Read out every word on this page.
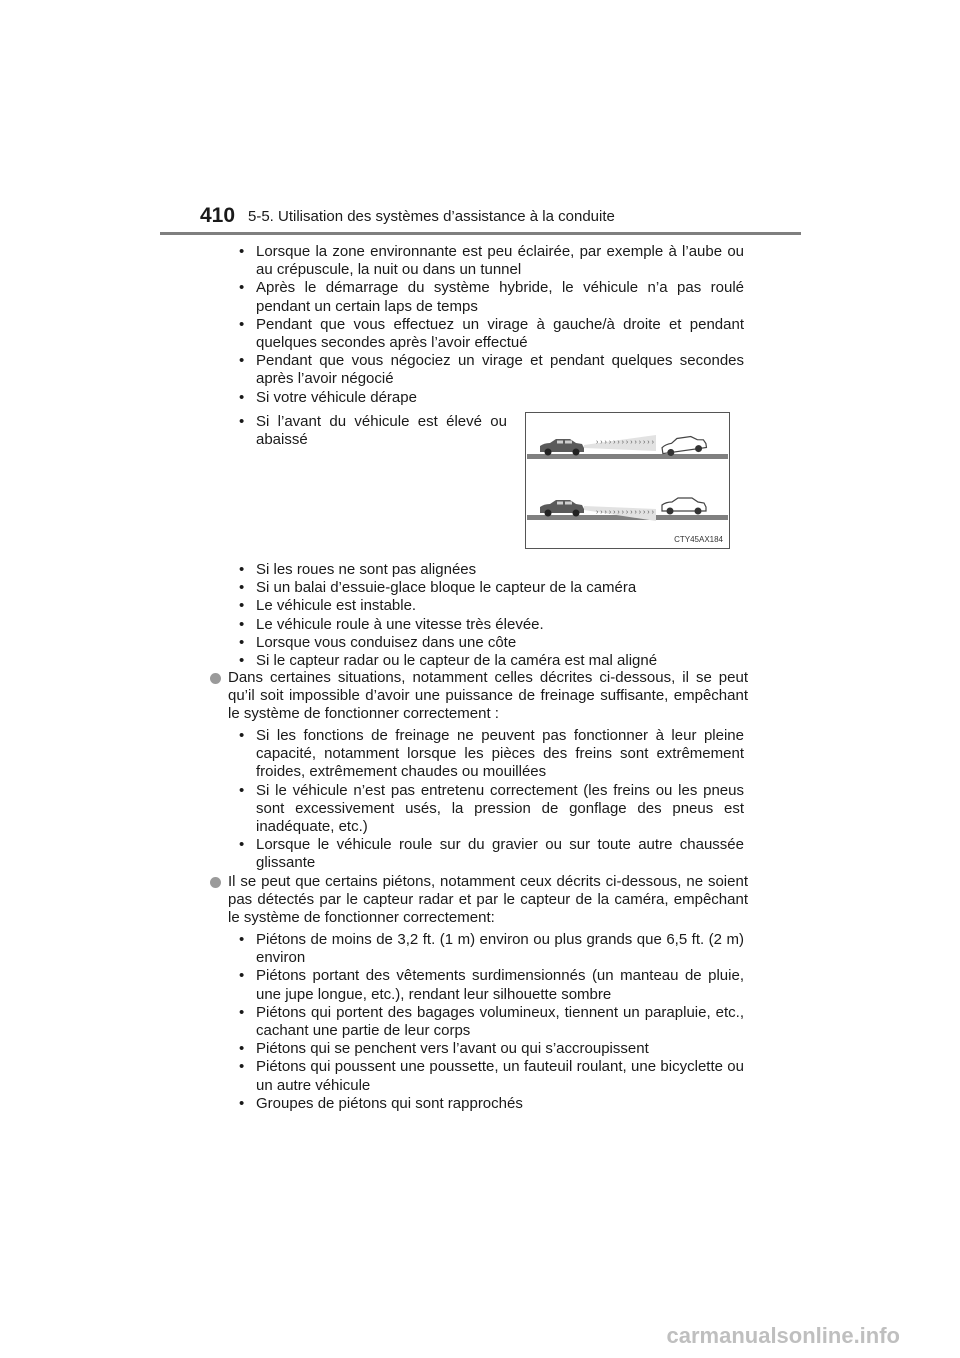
410 5-5. Utilisation des systèmes d’assistance à la conduite
• Lorsque la zone environnante est peu éclairée, par exemple à l’aube ou au crépuscule, la nuit ou dans un tunnel
• Après le démarrage du système hybride, le véhicule n’a pas roulé pendant un certain laps de temps
• Pendant que vous effectuez un virage à gauche/à droite et pendant quelques secondes après l’avoir effectué
• Pendant que vous négociez un virage et pendant quelques secondes après l’avoir négocié
• Si votre véhicule dérape
• Si l’avant du véhicule est élevé ou abaissé	› › › › › › › › › › › › › ›
› › › › › › › › › › › › › ›
CTY45AX184
• Si les roues ne sont pas alignées
• Si un balai d’essuie-glace bloque le capteur de la caméra
• Le véhicule est instable.
• Le véhicule roule à une vitesse très élevée.
• Lorsque vous conduisez dans une côte
• Si le capteur radar ou le capteur de la caméra est mal aligné
Dans certaines situations, notamment celles décrites ci-dessous, il se peut qu’il soit impossible d’avoir une puissance de freinage suffisante, empêchant le système de fonctionner correctement :
• Si les fonctions de freinage ne peuvent pas fonctionner à leur pleine capacité, notamment lorsque les pièces des freins sont extrêmement froides, extrêmement chaudes ou mouillées
• Si le véhicule n’est pas entretenu correctement (les freins ou les pneus sont excessivement usés, la pression de gonflage des pneus est inadéquate, etc.)
• Lorsque le véhicule roule sur du gravier ou sur toute autre chaussée glissante
Il se peut que certains piétons, notamment ceux décrits ci-dessous, ne soient pas détectés par le capteur radar et par le capteur de la caméra, empêchant le système de fonctionner correctement:
• Piétons de moins de 3,2 ft. (1 m) environ ou plus grands que 6,5 ft. (2 m) environ
• Piétons portant des vêtements surdimensionnés (un manteau de pluie, une jupe longue, etc.), rendant leur silhouette sombre
• Piétons qui portent des bagages volumineux, tiennent un parapluie, etc., cachant une partie de leur corps
• Piétons qui se penchent vers l’avant ou qui s’accroupissent
• Piétons qui poussent une poussette, un fauteuil roulant, une bicyclette ou un autre véhicule
• Groupes de piétons qui sont rapprochés
carmanualsonline.info
